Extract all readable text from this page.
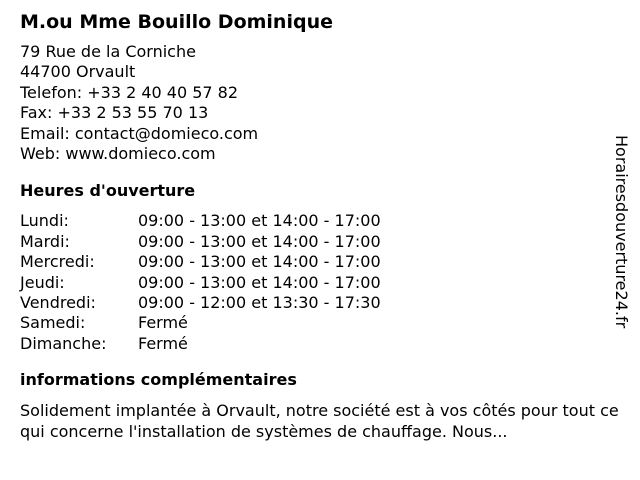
M.ou Mme Bouillo Dominique
79 Rue de la Corniche
44700 Orvault
Telefon: +33 2 40 40 57 82
Fax: +33 2 53 55 70 13
Email: contact@domieco.com
Web: www.domieco.com
Heures d'ouverture
Lundi:	09:00 - 13:00 et 14:00 - 17:00
Mardi:	09:00 - 13:00 et 14:00 - 17:00
Mercredi:	09:00 - 13:00 et 14:00 - 17:00
Jeudi:	09:00 - 13:00 et 14:00 - 17:00
Vendredi:	09:00 - 12:00 et 13:30 - 17:30
Samedi:	Fermé
Dimanche:	Fermé
informations complémentaires
Solidement implantée à Orvault, notre société est à vos côtés pour tout ce qui concerne l'installation de systèmes de chauffage. Nous...
Horairesdouverture24.fr
